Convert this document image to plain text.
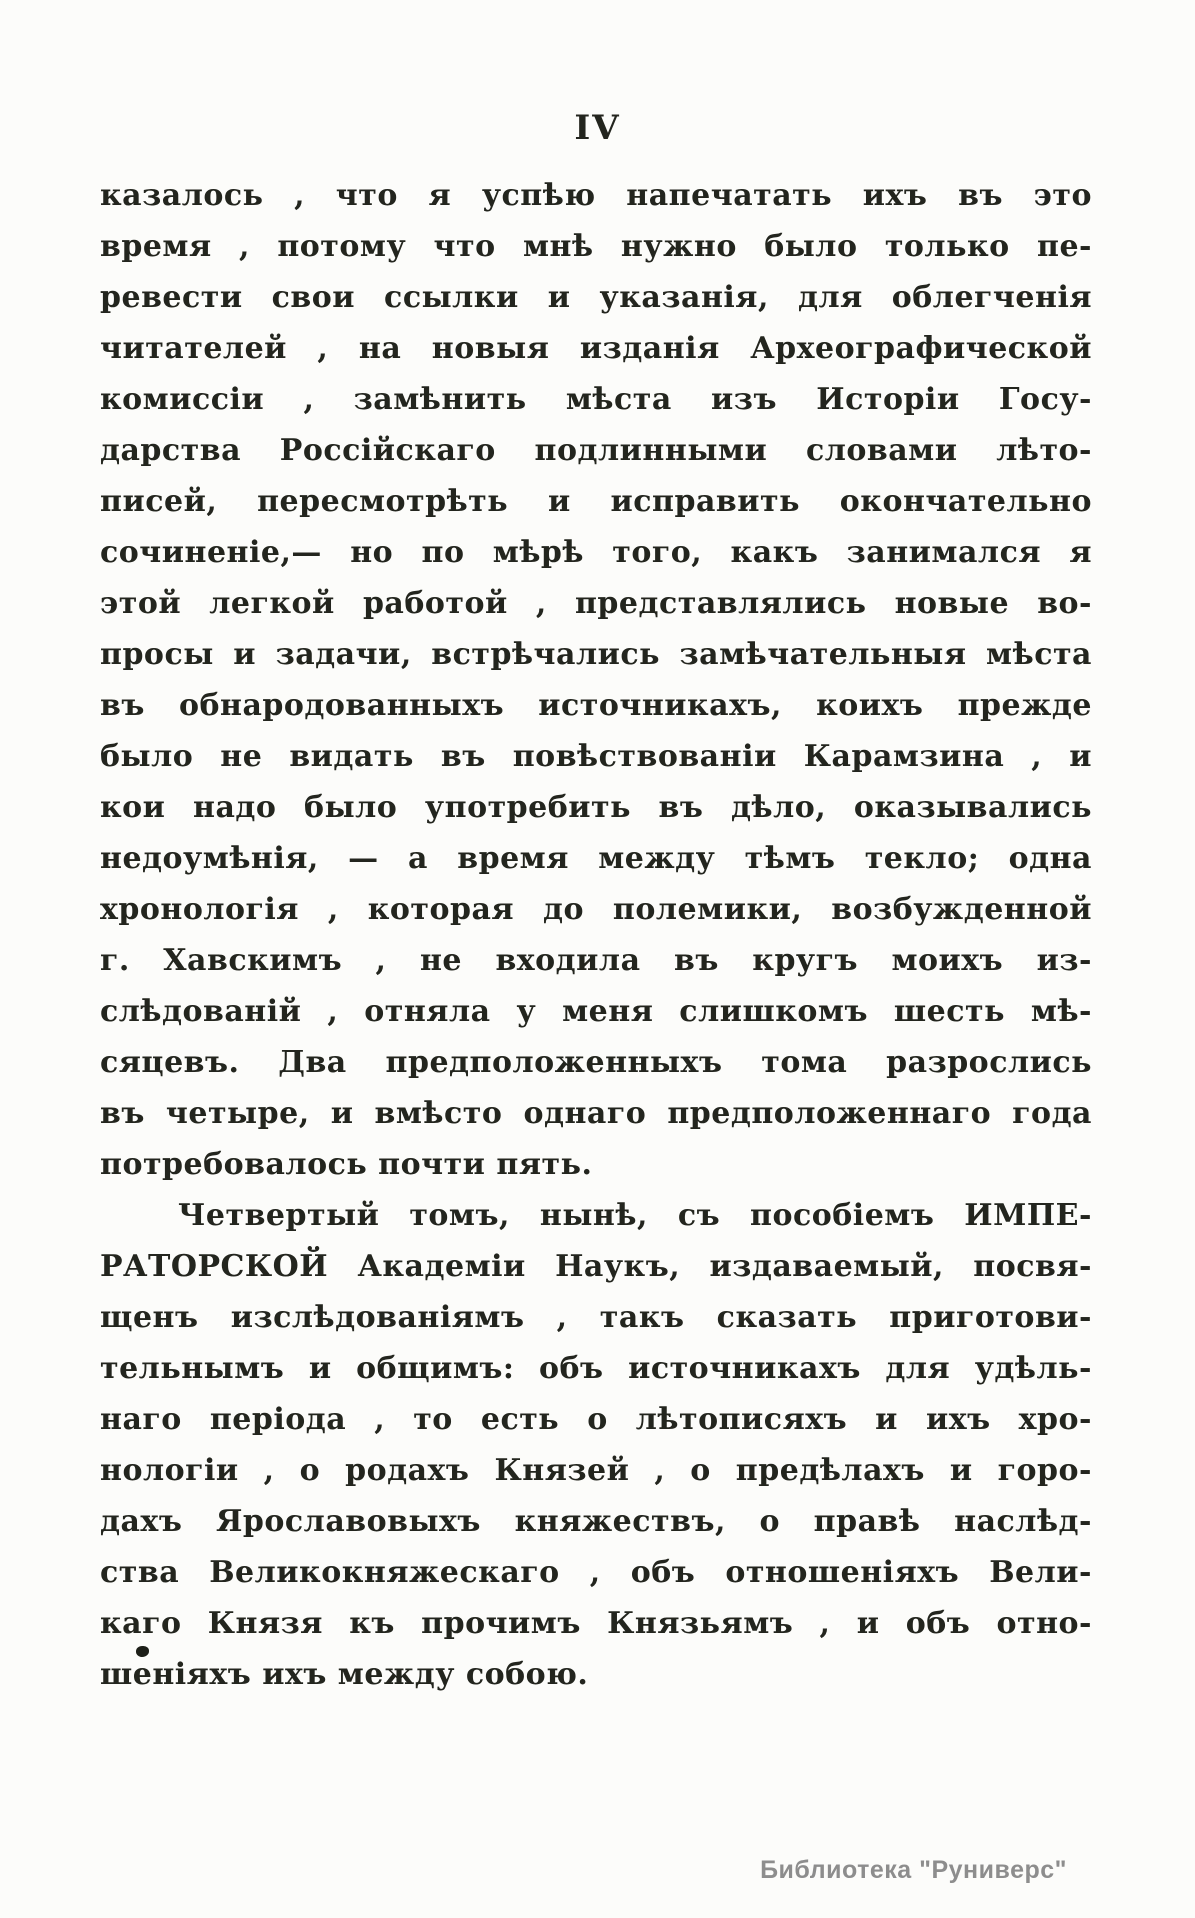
IV
казалось , что я успѣю напечатать ихъ въ это
время , потому что мнѣ нужно было только пе-
ревести свои ссылки и указанія, для облегченія
читателей , на новыя изданія Археографической
комиссіи , замѣнить мѣста изъ Исторіи Госу-
дарства Россійскаго подлинными словами лѣто-
писей, пересмотрѣть и исправить окончательно
сочиненіе,— но по мѣрѣ того, какъ занимался я
этой легкой работой , представлялись новые во-
просы и задачи, встрѣчались замѣчательныя мѣста
въ обнародованныхъ источникахъ, коихъ прежде
было не видать въ повѣствованіи Карамзина , и
кои надо было употребить въ дѣло, оказывались
недоумѣнія, — а время между тѣмъ текло; одна
хронологія , которая до полемики, возбужденной
г. Хавскимъ , не входила въ кругъ моихъ из-
слѣдованій , отняла у меня слишкомъ шесть мѣ-
сяцевъ. Два предположенныхъ тома разрослись
въ четыре, и вмѣсто однаго предположеннаго года
потребовалось почти пять.
Четвертый томъ, нынѣ, съ пособіемъ ИМПЕ-
РАТОРСКОЙ Академіи Наукъ, издаваемый, посвя-
щенъ изслѣдованіямъ , такъ сказать приготови-
тельнымъ и общимъ: объ источникахъ для удѣль-
наго періода , то есть о лѣтописяхъ и ихъ хро-
нологіи , о родахъ Князей , о предѣлахъ и горо-
дахъ Ярославовыхъ княжествъ, о правѣ наслѣд-
ства Великокняжескаго , объ отношеніяхъ Вели-
каго Князя къ прочимъ Князьямъ , и объ отно-
шеніяхъ ихъ между собою.
Библиотека "Руниверс"
